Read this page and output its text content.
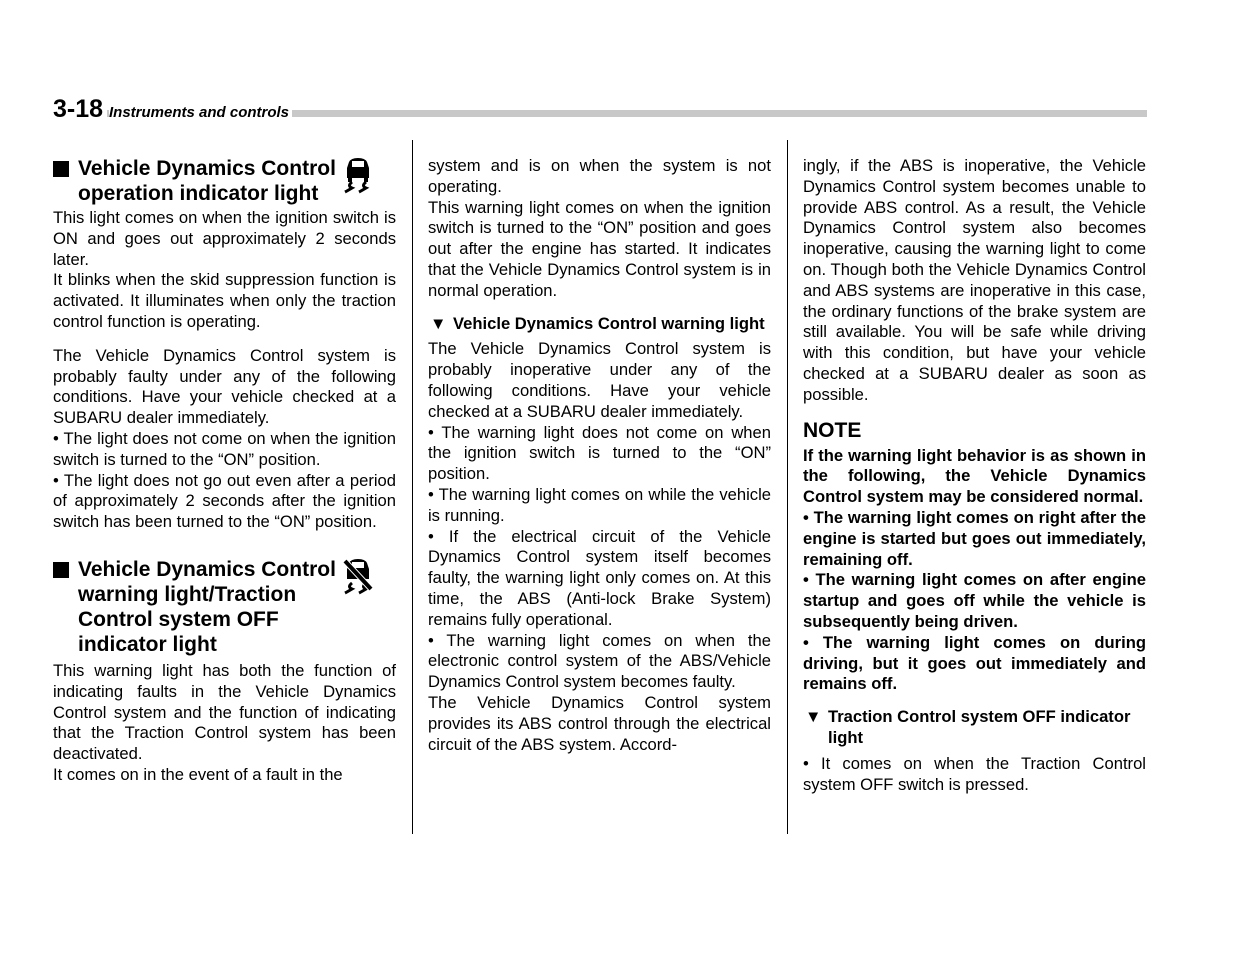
3-18 Instruments and controls
Vehicle Dynamics Control operation indicator light

This light comes on when the ignition switch is ON and goes out approximately 2 seconds later.

It blinks when the skid suppression function is activated. It illuminates when only the traction control function is operating.

The Vehicle Dynamics Control system is probably faulty under any of the following conditions. Have your vehicle checked at a SUBARU dealer immediately.

• The light does not come on when the ignition switch is turned to the “ON” position.

• The light does not go out even after a period of approximately 2 seconds after the ignition switch has been turned to the “ON” position.

Vehicle Dynamics Control warning light/Traction Control system OFF indicator light

This warning light has both the function of indicating faults in the Vehicle Dynamics Control system and the function of indicating that the Traction Control system has been deactivated.

It comes on in the event of a fault in the

system and is on when the system is not operating.

This warning light comes on when the ignition switch is turned to the “ON” position and goes out after the engine has started. It indicates that the Vehicle Dynamics Control system is in normal operation.

▼ Vehicle Dynamics Control warning light

The Vehicle Dynamics Control system is probably inoperative under any of the following conditions. Have your vehicle checked at a SUBARU dealer immediately.

• The warning light does not come on when the ignition switch is turned to the “ON” position.

• The warning light comes on while the vehicle is running.

• If the electrical circuit of the Vehicle Dynamics Control system itself becomes faulty, the warning light only comes on. At this time, the ABS (Anti-lock Brake System) remains fully operational.

• The warning light comes on when the electronic control system of the ABS/Vehicle Dynamics Control system becomes faulty.

The Vehicle Dynamics Control system provides its ABS control through the electrical circuit of the ABS system. Accord-

ingly, if the ABS is inoperative, the Vehicle Dynamics Control system becomes unable to provide ABS control. As a result, the Vehicle Dynamics Control system also becomes inoperative, causing the warning light to come on. Though both the Vehicle Dynamics Control and ABS systems are inoperative in this case, the ordinary functions of the brake system are still available. You will be safe while driving with this condition, but have your vehicle checked at a SUBARU dealer as soon as possible.

NOTE

If the warning light behavior is as shown in the following, the Vehicle Dynamics Control system may be considered normal.

• The warning light comes on right after the engine is started but goes out immediately, remaining off.

• The warning light comes on after engine startup and goes off while the vehicle is subsequently being driven.

• The warning light comes on during driving, but it goes out immediately and remains off.

▼ Traction Control system OFF indicator light

• It comes on when the Traction Control system OFF switch is pressed.
